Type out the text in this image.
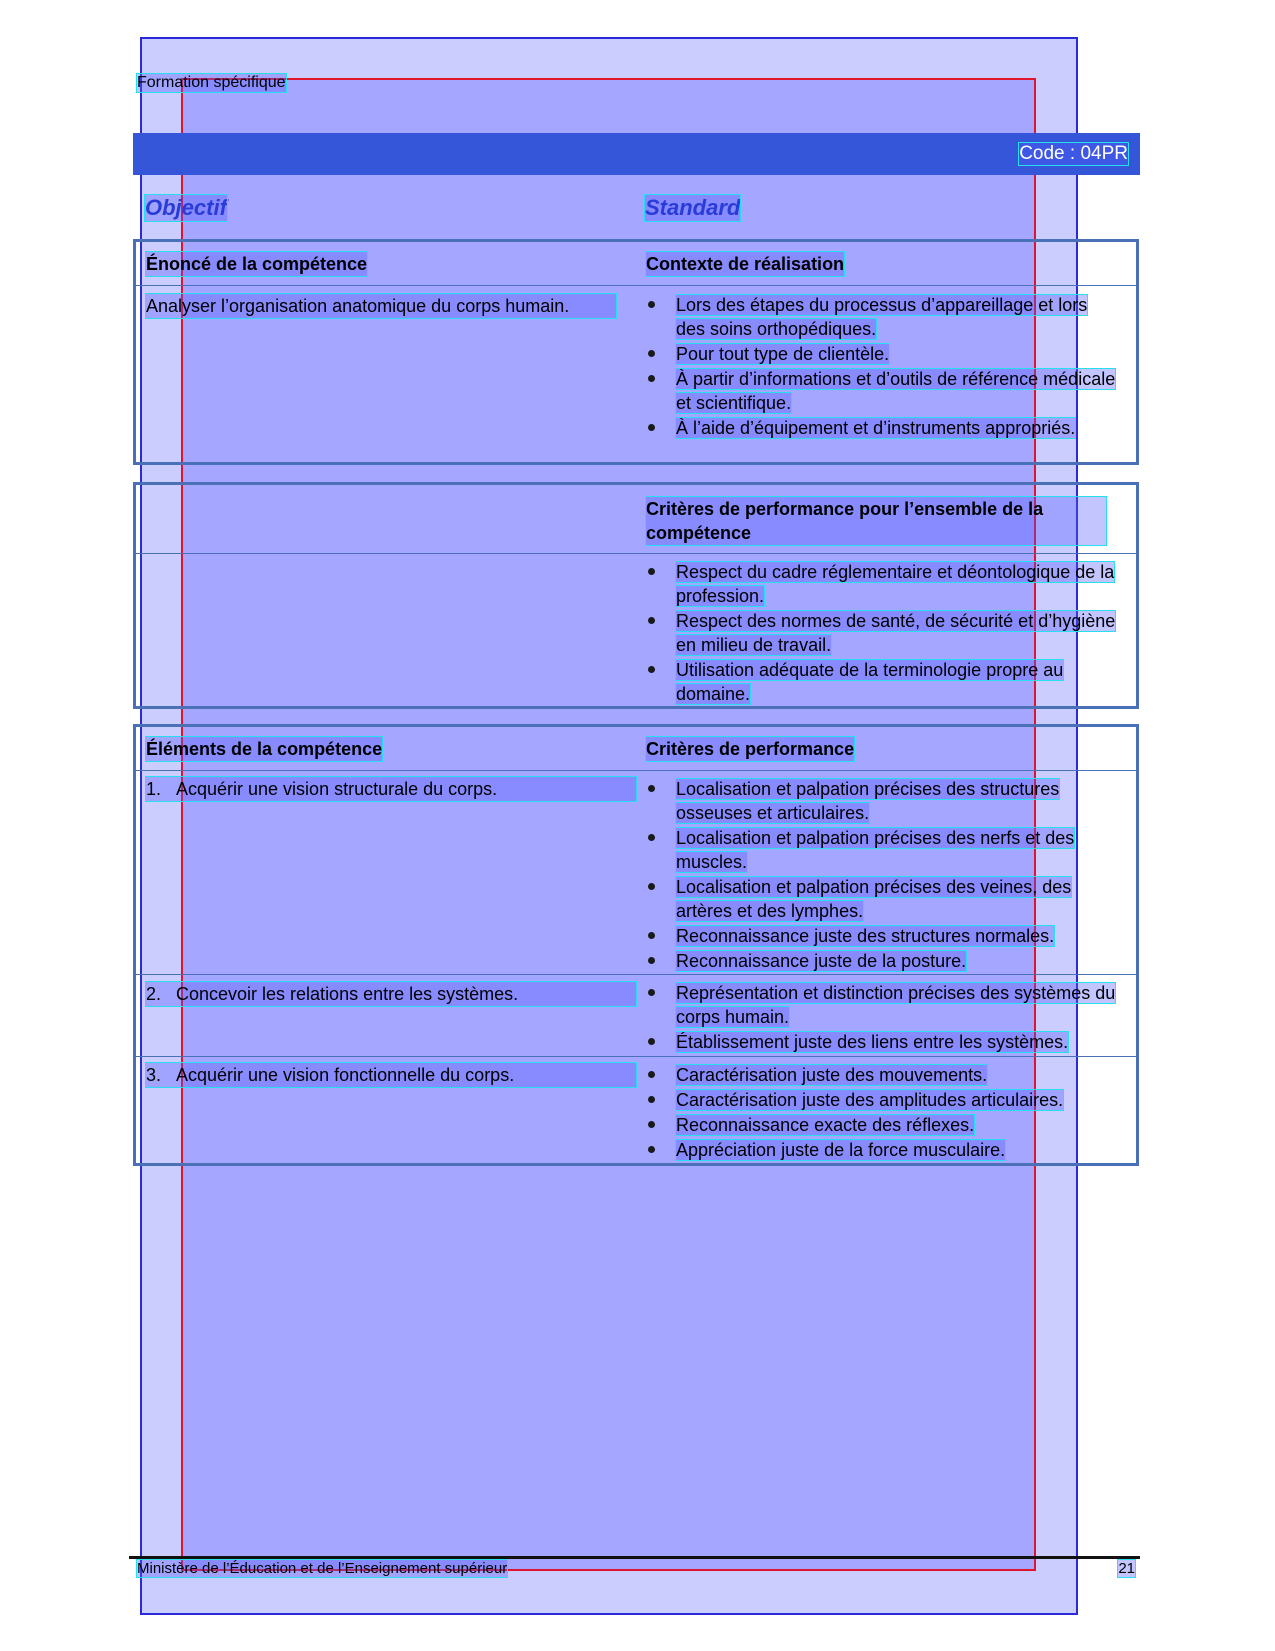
Formation spécifique
Code : 04PR
Objectif	Standard
Énoncé de la compétence	Contexte de réalisation
Analyser l’organisation anatomique du corps humain.	Lors des étapes du processus d’appareillage et lors des soins orthopédiques.
Pour tout type de clientèle.
À partir d’informations et d’outils de référence médicale et scientifique.
À l’aide d’équipement et d’instruments appropriés.
Critères de performance pour l’ensemble de la compétence
Respect du cadre réglementaire et déontologique de la profession.
Respect des normes de santé, de sécurité et d’hygiène en milieu de travail.
Utilisation adéquate de la terminologie propre au domaine.
Éléments de la compétence	Critères de performance
1. Acquérir une vision structurale du corps.	Localisation et palpation précises des structures osseuses et articulaires.
Localisation et palpation précises des nerfs et des muscles.
Localisation et palpation précises des veines, des artères et des lymphes.
Reconnaissance juste des structures normales.
Reconnaissance juste de la posture.
2. Concevoir les relations entre les systèmes.	Représentation et distinction précises des systèmes du corps humain.
Établissement juste des liens entre les systèmes.
3. Acquérir une vision fonctionnelle du corps.	Caractérisation juste des mouvements.
Caractérisation juste des amplitudes articulaires.
Reconnaissance exacte des réflexes.
Appréciation juste de la force musculaire.
Ministère de l’Éducation et de l’Enseignement supérieur	21
